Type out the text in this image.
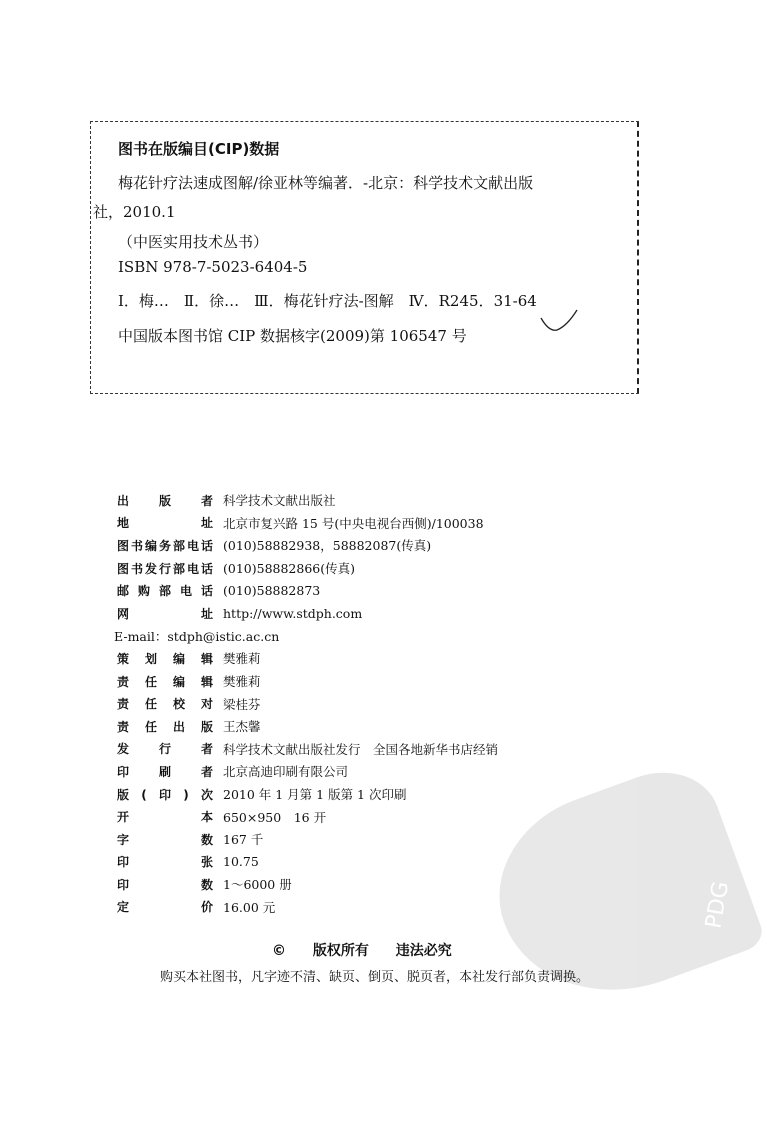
PDG
图书在版编目(CIP)数据
梅花针疗法速成图解/徐亚林等编著．-北京：科学技术文献出版
社，2010.1
（中医实用技术丛书）
ISBN 978-7-5023-6404-5
Ⅰ．梅…　Ⅱ．徐…　Ⅲ．梅花针疗法-图解　Ⅳ．R245．31-64
中国版本图书馆 CIP 数据核字(2009)第 106547 号
出版者 科学技术文献出版社
地址 北京市复兴路 15 号(中央电视台西侧)/100038
图书编务部电话 (010)58882938，58882087(传真)
图书发行部电话 (010)58882866(传真)
邮购部电话 (010)58882873
网址 http://www.stdph.com
E-mail：stdph@istic.ac.cn
策划编辑 樊雅莉
责任编辑 樊雅莉
责任校对 梁桂芬
责任出版 王杰馨
发行者 科学技术文献出版社发行　全国各地新华书店经销
印刷者 北京高迪印刷有限公司
版(印)次 2010 年 1 月第 1 版第 1 次印刷
开本 650×950　16 开
字数 167 千
印张 10.75
印数 1～6000 册
定价 16.00 元
© 版权所有 违法必究
购买本社图书，凡字迹不清、缺页、倒页、脱页者，本社发行部负责调换。
